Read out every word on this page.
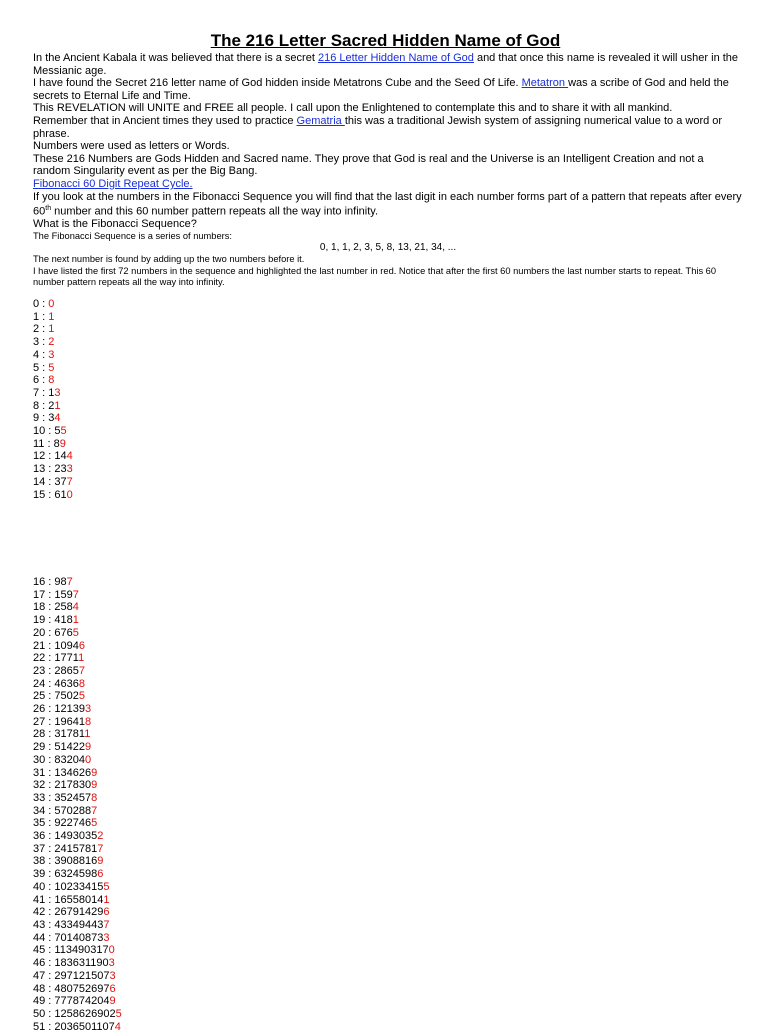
The 216 Letter Sacred Hidden Name of God

In the Ancient Kabala it was believed that there is a secret 216 Letter Hidden Name of God and that once this name is revealed it will usher in the Messianic age.

I have found the Secret 216 letter name of God hidden inside Metatrons Cube and the Seed Of Life. Metatron was a scribe of God and held the secrets to Eternal Life and Time.

This REVELATION will UNITE and FREE all people. I call upon the Enlightened to contemplate this and to share it with all mankind.

Remember that in Ancient times they used to practice Gematria this was a traditional Jewish system of assigning numerical value to a word or phrase.

Numbers were used as letters or Words.

These 216 Numbers are Gods Hidden and Sacred name. They prove that God is real and the Universe is an Intelligent Creation and not a random Singularity event as per the Big Bang.

Fibonacci 60 Digit Repeat Cycle.

If you look at the numbers in the Fibonacci Sequence you will find that the last digit in each number forms part of a pattern that repeats after every 60th number and this 60 number pattern repeats all the way into infinity.

What is the Fibonacci Sequence?

The Fibonacci Sequence is a series of numbers:

0, 1, 1, 2, 3, 5, 8, 13, 21, 34, ...

The next number is found by adding up the two numbers before it.

I have listed the first 72 numbers in the sequence and highlighted the last number in red. Notice that after the first 60 numbers the last number starts to repeat. This 60 number pattern repeats all the way into infinity.

0 : 0
1 : 1
2 : 1
3 : 2
4 : 3
5 : 5
6 : 8
7 : 13
8 : 21
9 : 34
10 : 55
11 : 89
12 : 144
13 : 233
14 : 377
15 : 610
16 : 987
17 : 1597
18 : 2584
19 : 4181
20 : 6765
21 : 10946
22 : 17711
23 : 28657
24 : 46368
25 : 75025
26 : 121393
27 : 196418
28 : 317811
29 : 514229
30 : 832040
31 : 1346269
32 : 2178309
33 : 3524578
34 : 5702887
35 : 9227465
36 : 14930352
37 : 24157817
38 : 39088169
39 : 63245986
40 : 102334155
41 : 165580141
42 : 267914296
43 : 433494437
44 : 701408733
45 : 1134903170
46 : 1836311903
47 : 2971215073
48 : 4807526976
49 : 7778742049
50 : 12586269025
51 : 20365011074
